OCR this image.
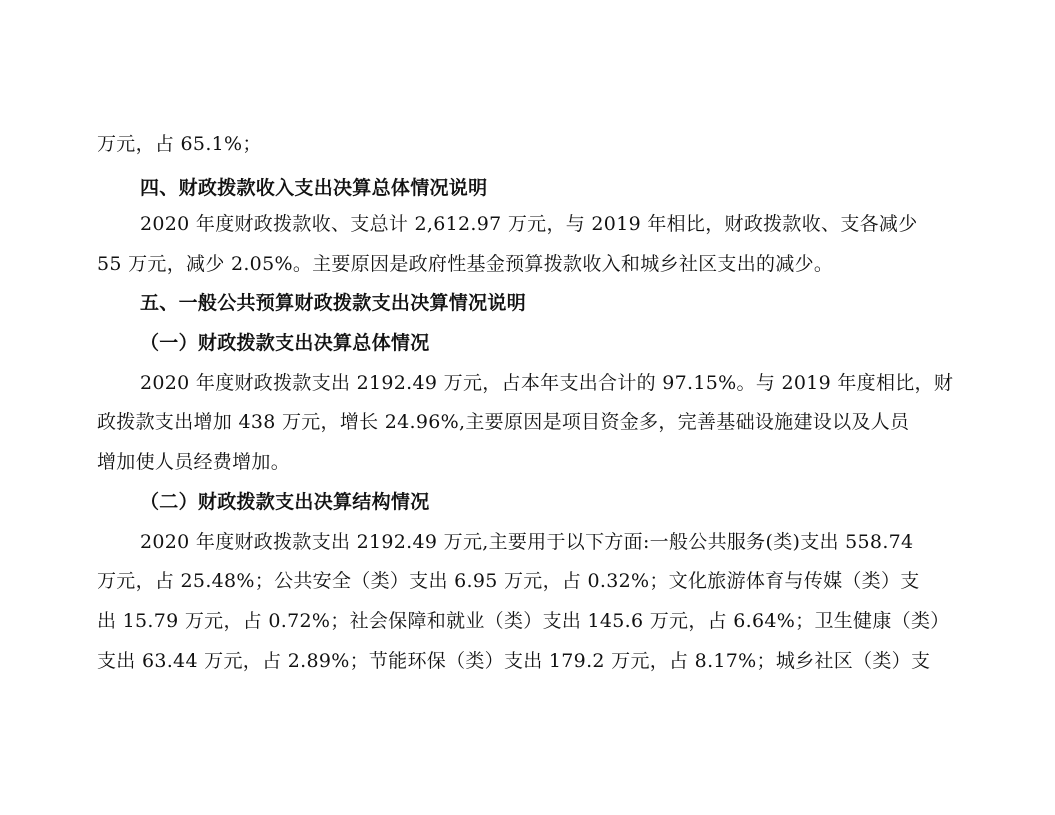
万元，占 65.1%；
四、财政拨款收入支出决算总体情况说明
2020 年度财政拨款收、支总计 2,612.97 万元，与 2019 年相比，财政拨款收、支各减少
55 万元，减少 2.05%。主要原因是政府性基金预算拨款收入和城乡社区支出的减少。
五、一般公共预算财政拨款支出决算情况说明
（一）财政拨款支出决算总体情况
2020 年度财政拨款支出 2192.49 万元，占本年支出合计的 97.15%。与 2019 年度相比，财
政拨款支出增加 438 万元，增长 24.96%,主要原因是项目资金多，完善基础设施建设以及人员
增加使人员经费增加。
（二）财政拨款支出决算结构情况
2020 年度财政拨款支出 2192.49 万元,主要用于以下方面:一般公共服务(类)支出 558.74
万元，占 25.48%；公共安全（类）支出 6.95 万元，占 0.32%；文化旅游体育与传媒（类）支
出 15.79 万元，占 0.72%；社会保障和就业（类）支出 145.6 万元，占 6.64%；卫生健康（类）
支出 63.44 万元，占 2.89%；节能环保（类）支出 179.2 万元，占 8.17%；城乡社区（类）支
